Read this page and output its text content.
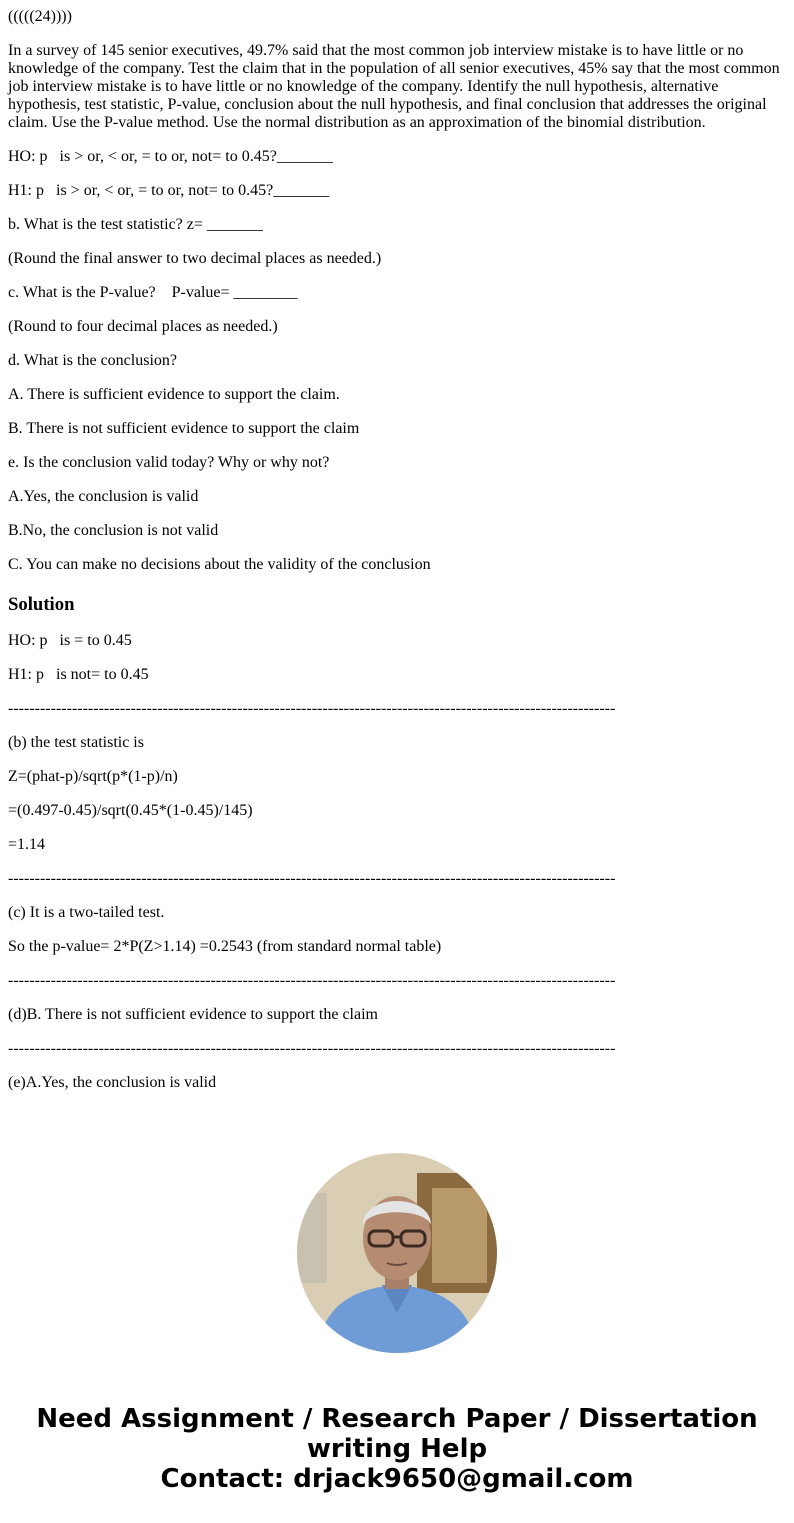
(((((24))))

In a survey of 145 senior executives, 49.7% said that the most common job interview mistake is to have little or no knowledge of the company. Test the claim that in the population of all senior executives, 45% say that the most common job interview mistake is to have little or no knowledge of the company. Identify the null hypothesis, alternative hypothesis, test statistic, P-value, conclusion about the null hypothesis, and final conclusion that addresses the original claim. Use the P-value method. Use the normal distribution as an approximation of the binomial distribution.

HO: p   is > or, < or, = to or, not= to 0.45?_______

H1: p   is > or, < or, = to or, not= to 0.45?_______

b. What is the test statistic? z= _______

(Round the final answer to two decimal places as needed.)

c. What is the P-value?    P-value= ________

(Round to four decimal places as needed.)

d. What is the conclusion?

A. There is sufficient evidence to support the claim.

B. There is not sufficient evidence to support the claim

e. Is the conclusion valid today? Why or why not?

A.Yes, the conclusion is valid

B.No, the conclusion is not valid

C. You can make no decisions about the validity of the conclusion

Solution

HO: p   is = to 0.45

H1: p   is not= to 0.45

------------------------------------------------------------------------------------------------------------------

(b) the test statistic is

Z=(phat-p)/sqrt(p*(1-p)/n)

=(0.497-0.45)/sqrt(0.45*(1-0.45)/145)

=1.14

------------------------------------------------------------------------------------------------------------------

(c) It is a two-tailed test.

So the p-value= 2*P(Z>1.14) =0.2543 (from standard normal table)

------------------------------------------------------------------------------------------------------------------

(d)B. There is not sufficient evidence to support the claim

------------------------------------------------------------------------------------------------------------------

(e)A.Yes, the conclusion is valid

Need Assignment / Research Paper / Dissertation
writing Help
Contact: drjack9650@gmail.com
